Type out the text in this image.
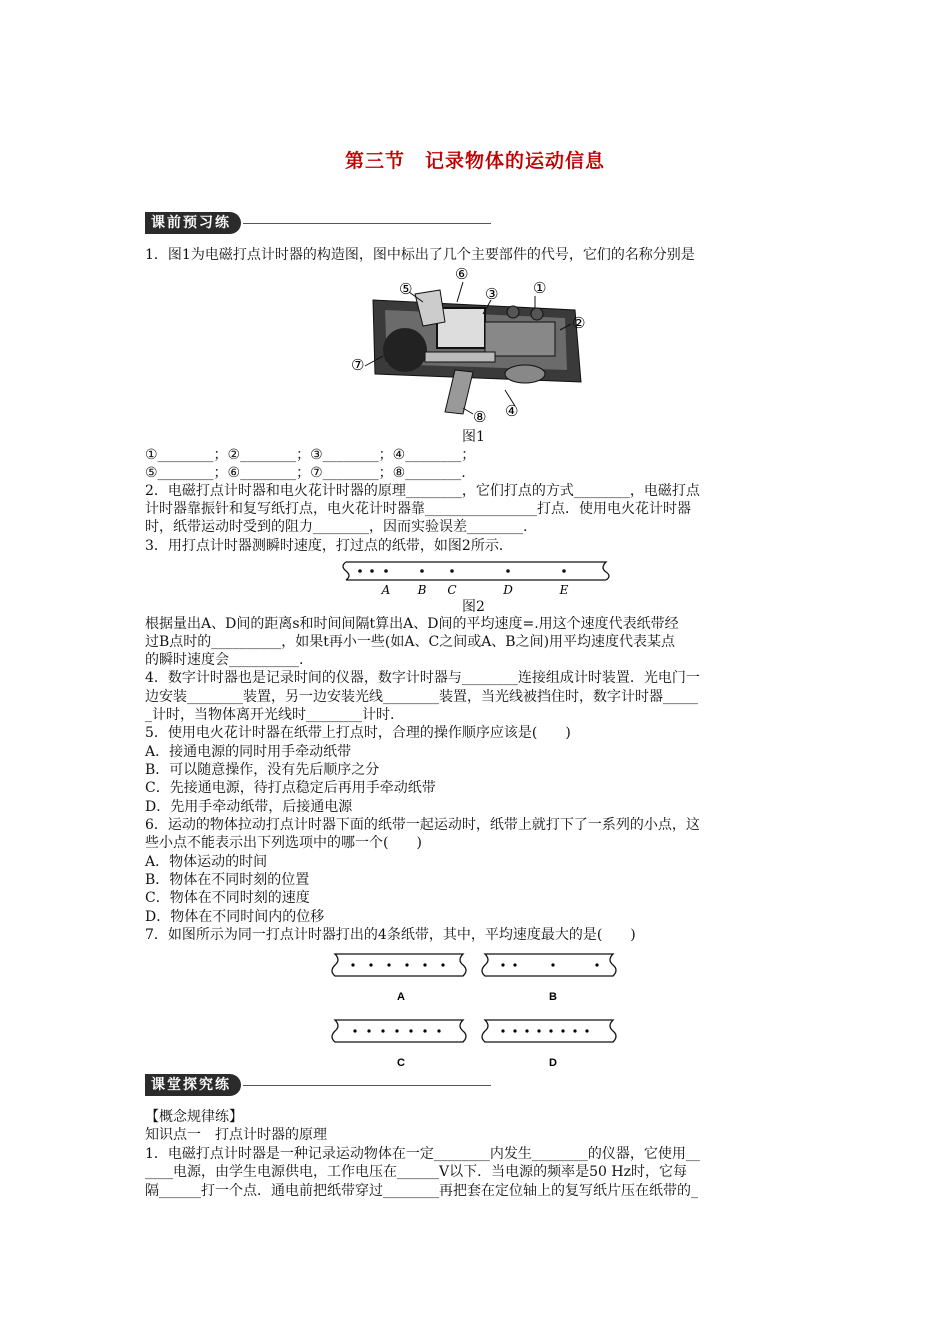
第三节　记录物体的运动信息
课前预习练
1．图1为电磁打点计时器的构造图，图中标出了几个主要部件的代号，它们的名称分别是
⑤
⑥
③ ①
②
④
⑦
⑧
图1
①________；②________；③________；④________；
⑤________；⑥________；⑦________；⑧________.
2．电磁打点计时器和电火花计时器的原理________，它们打点的方式________，电磁打点
计时器靠振针和复写纸打点，电火花计时器靠________________打点．使用电火花计时器
时，纸带运动时受到的阻力________，因而实验误差________.
3．用打点计时器测瞬时速度，打过点的纸带，如图2所示．
A B C	D	E
图2
根据量出A、D间的距离s和时间间隔t算出A、D间的平均速度=.用这个速度代表纸带经
过B点时的__________，如果t再小一些(如A、C之间或A、B之间)用平均速度代表某点
的瞬时速度会__________.
4．数字计时器也是记录时间的仪器，数字计时器与________连接组成计时装置．光电门一
边安装________装置，另一边安装光线________装置，当光线被挡住时，数字计时器_____
_计时，当物体离开光线时________计时.
5．使用电火花计时器在纸带上打点时，合理的操作顺序应该是(　　)
A．接通电源的同时用手牵动纸带
B．可以随意操作，没有先后顺序之分
C．先接通电源，待打点稳定后再用手牵动纸带
D．先用手牵动纸带，后接通电源
6．运动的物体拉动打点计时器下面的纸带一起运动时，纸带上就打下了一系列的小点，这
些小点不能表示出下列选项中的哪一个(　　)
A．物体运动的时间
B．物体在不同时刻的位置
C．物体在不同时刻的速度
D．物体在不同时间内的位移
7．如图所示为同一打点计时器打出的4条纸带，其中，平均速度最大的是(　　)
A	B
C	D
课堂探究练
【概念规律练】
知识点一　打点计时器的原理
1．电磁打点计时器是一种记录运动物体在一定________内发生________的仪器，它使用__
____电源，由学生电源供电，工作电压在______V以下．当电源的频率是50 Hz时，它每
隔______打一个点．通电前把纸带穿过________再把套在定位轴上的复写纸片压在纸带的_
